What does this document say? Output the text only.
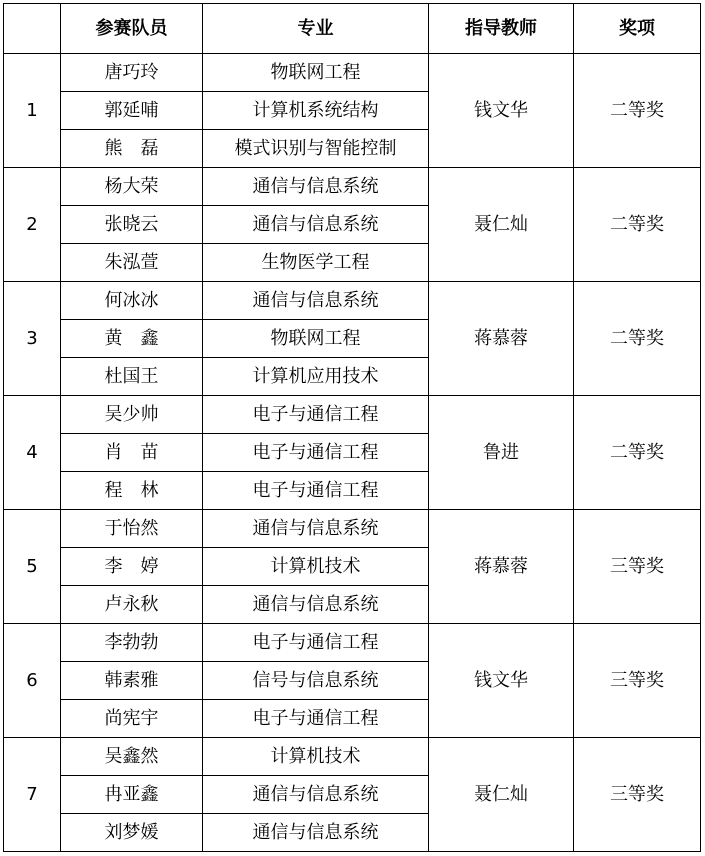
	参赛队员	专业	指导教师	奖项
1	唐巧玲	物联网工程	钱文华	二等奖
	郭延哺	计算机系统结构		
	熊　磊	模式识别与智能控制		
2	杨大荣	通信与信息系统	聂仁灿	二等奖
	张晓云	通信与信息系统		
	朱泓萱	生物医学工程		
3	何冰冰	通信与信息系统	蒋慕蓉	二等奖
	黄　鑫	物联网工程		
	杜国王	计算机应用技术		
4	吴少帅	电子与通信工程	鲁进	二等奖
	肖　苗	电子与通信工程		
	程　林	电子与通信工程		
5	于怡然	通信与信息系统	蒋慕蓉	三等奖
	李　婷	计算机技术		
	卢永秋	通信与信息系统		
6	李勃勃	电子与通信工程	钱文华	三等奖
	韩素雅	信号与信息系统		
	尚宪宇	电子与通信工程		
7	吴鑫然	计算机技术	聂仁灿	三等奖
	冉亚鑫	通信与信息系统		
	刘梦媛	通信与信息系统		
